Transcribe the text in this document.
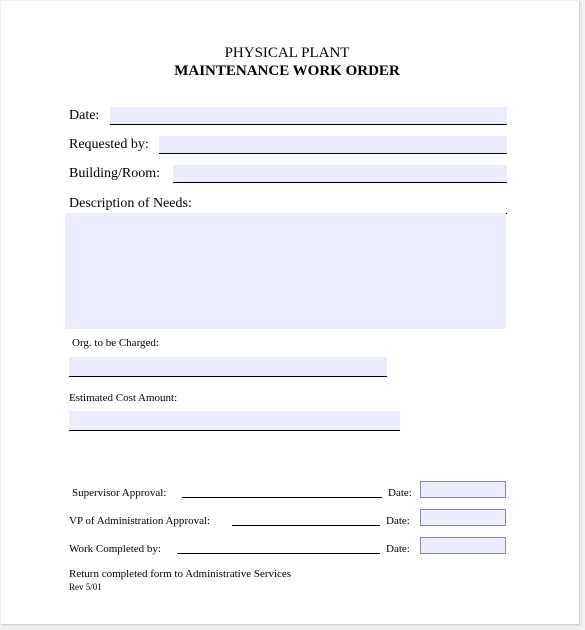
PHYSICAL PLANT
MAINTENANCE WORK ORDER
Date:
Requested by:
Building/Room:
Description of Needs:
Org. to be Charged:
Estimated Cost Amount:
Supervisor Approval:	Date:
VP of Administration Approval:	Date:
Work Completed by:	Date:
Return completed form to Administrative Services
Rev 5/01
